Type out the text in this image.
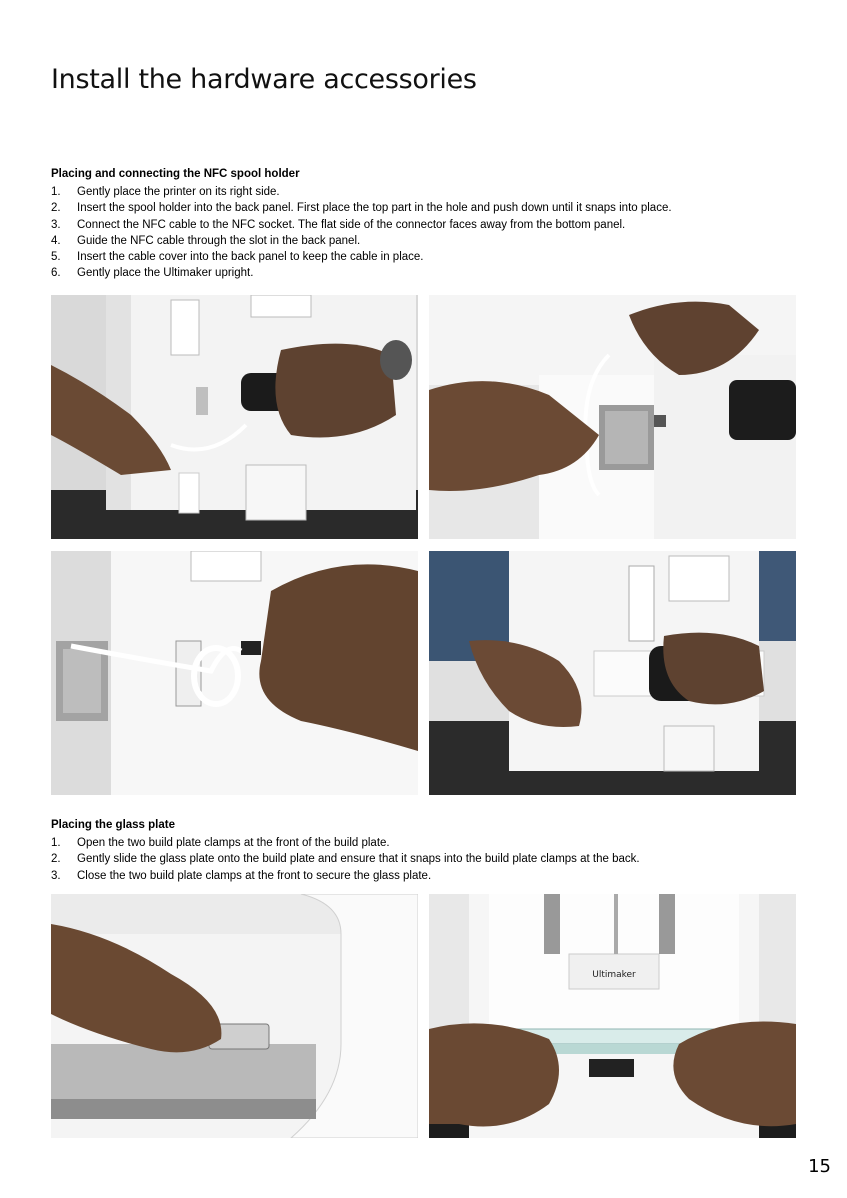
Install the hardware accessories
Placing and connecting the NFC spool holder
1. Gently place the printer on its right side.
2. Insert the spool holder into the back panel. First place the top part in the hole and push down until it snaps into place.
3. Connect the NFC cable to the NFC socket. The flat side of the connector faces away from the bottom panel.
4. Guide the NFC cable through the slot in the back panel.
5. Insert the cable cover into the back panel to keep the cable in place.
6. Gently place the Ultimaker upright.
Placing the glass plate
1. Open the two build plate clamps at the front of the build plate.
2. Gently slide the glass plate onto the build plate and ensure that it snaps into the build plate clamps at the back.
3. Close the two build plate clamps at the front to secure the glass plate.
Ultimaker
15
